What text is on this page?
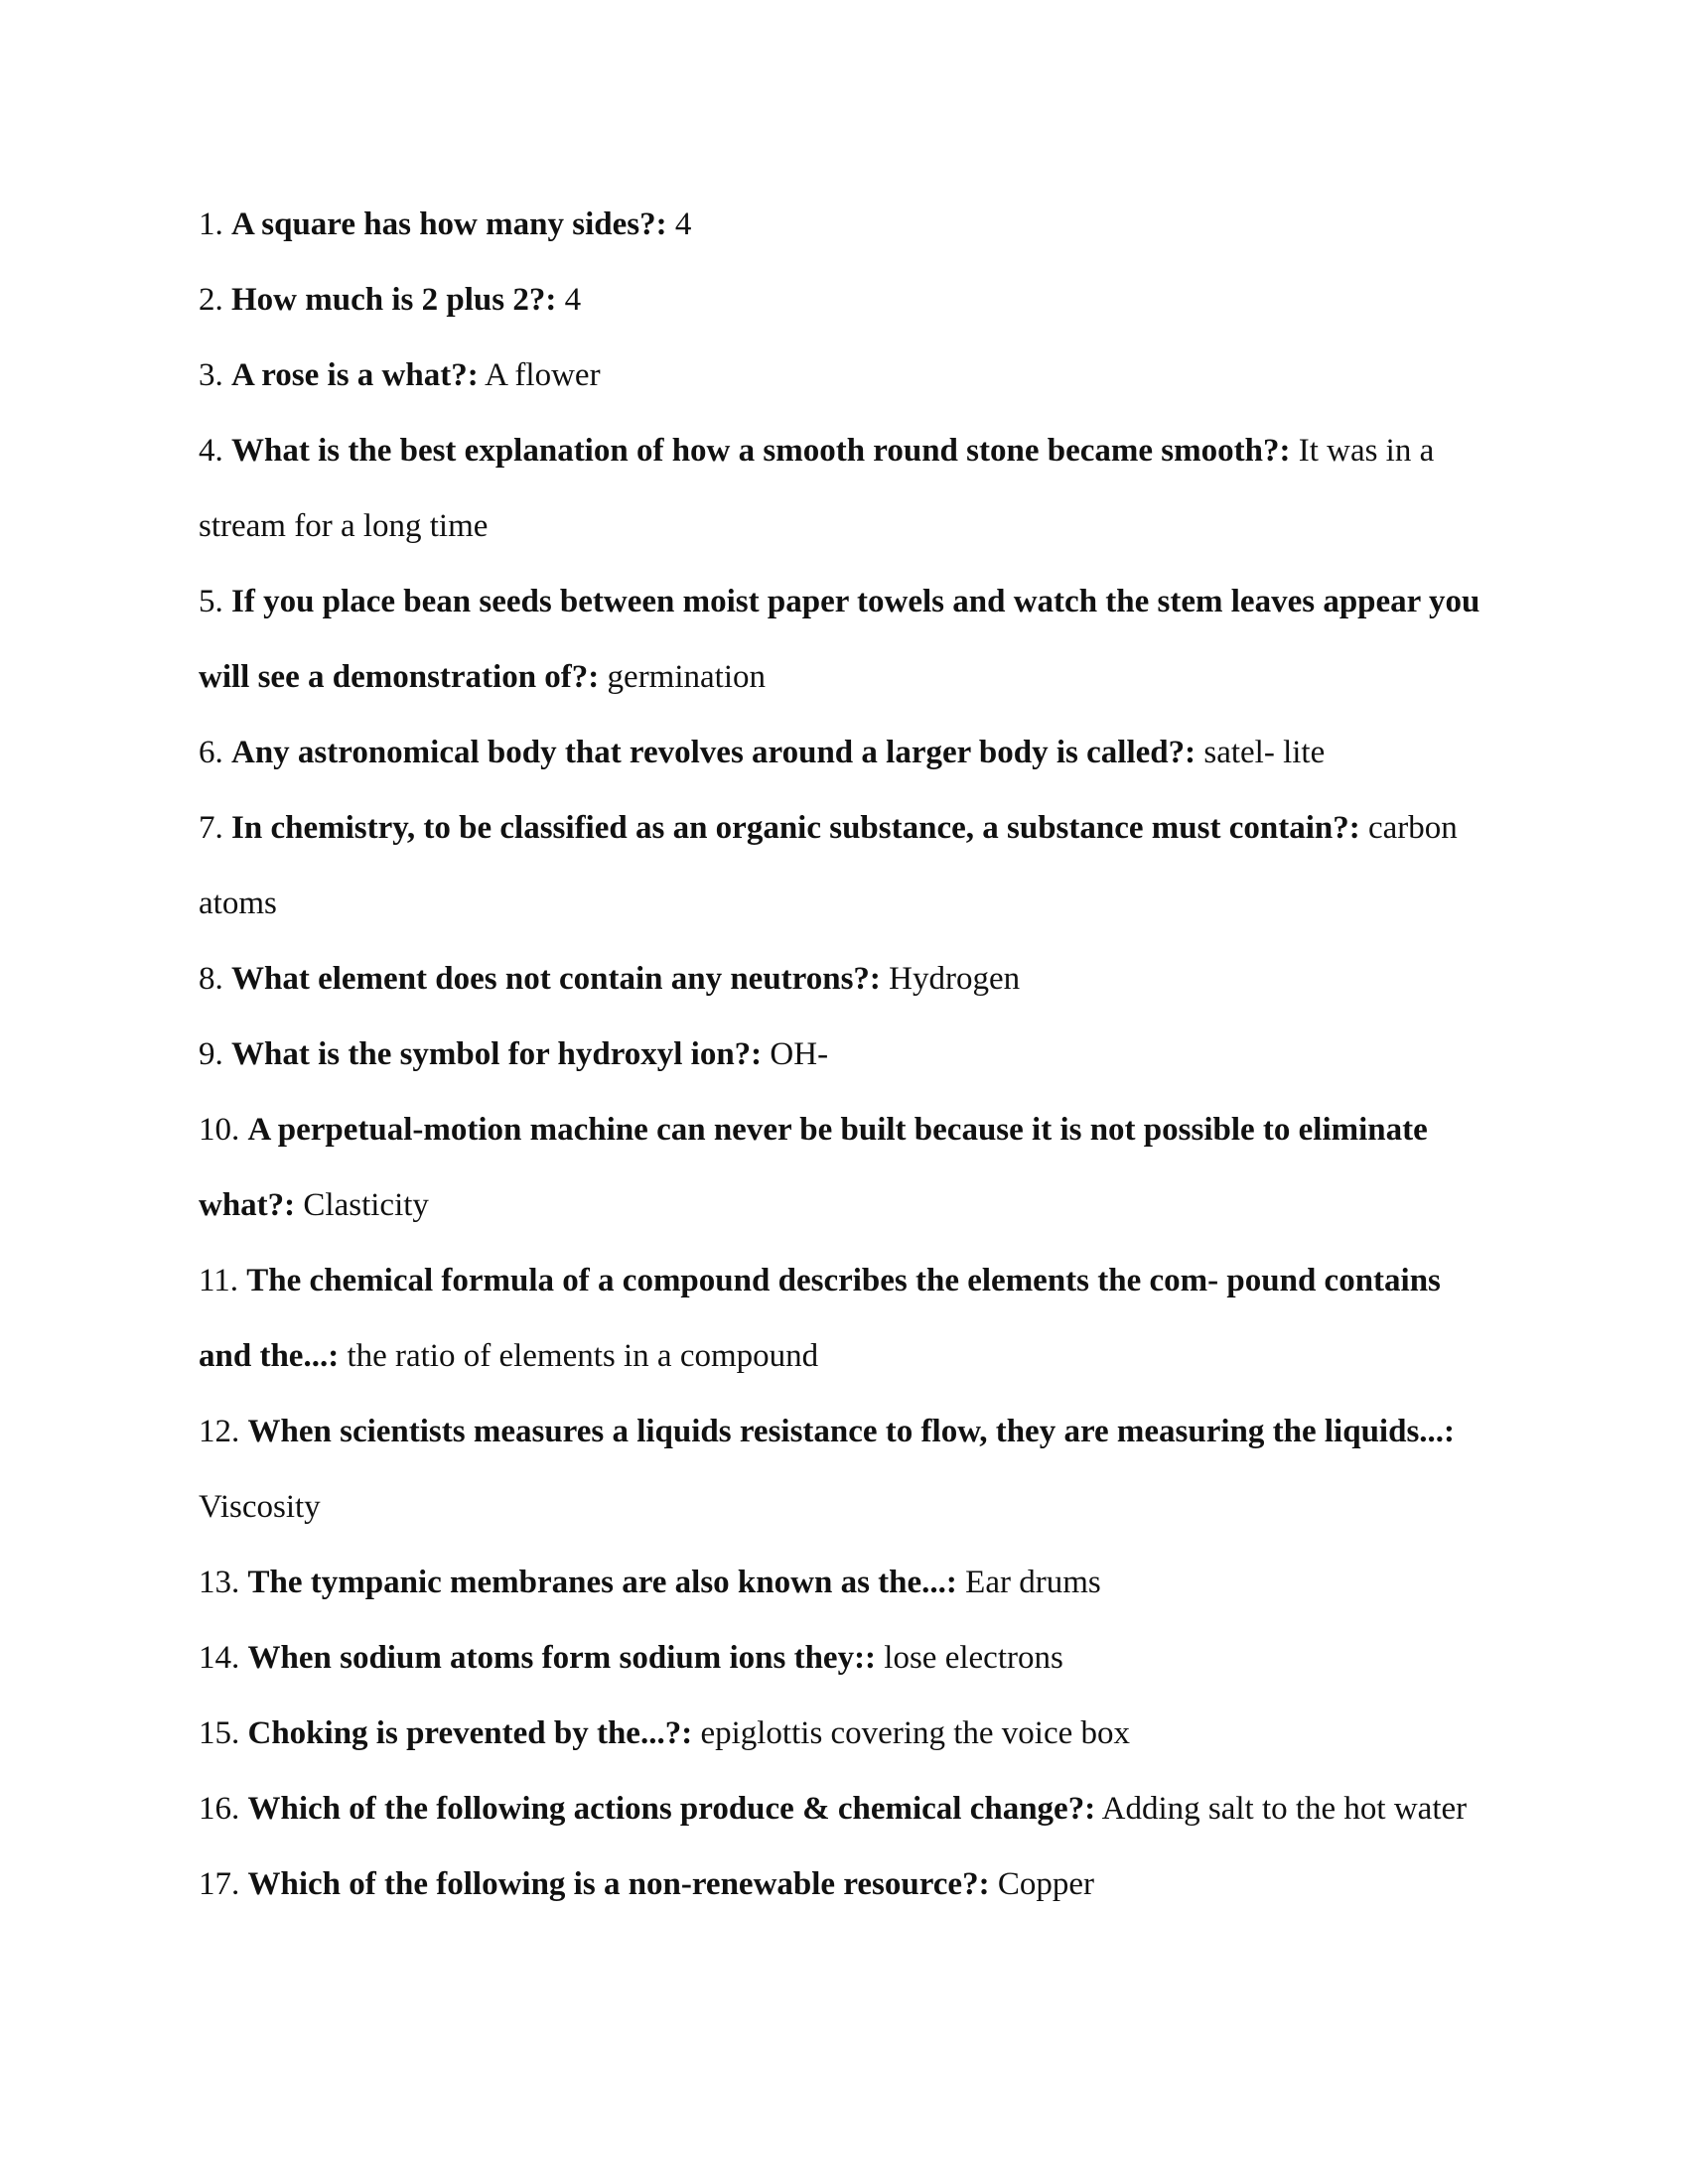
1. A square has how many sides?: 4

2. How much is 2 plus 2?: 4

3. A rose is a what?: A flower

4. What is the best explanation of how a smooth round stone became smooth?: It was in a stream for a long time

5. If you place bean seeds between moist paper towels and watch the stem leaves appear you will see a demonstration of?: germination

6. Any astronomical body that revolves around a larger body is called?: satel- lite

7. In chemistry, to be classified as an organic substance, a substance must contain?: carbon atoms

8. What element does not contain any neutrons?: Hydrogen

9. What is the symbol for hydroxyl ion?: OH-

10. A perpetual-motion machine can never be built because it is not possible to eliminate what?: Clasticity

11. The chemical formula of a compound describes the elements the com- pound contains and the...: the ratio of elements in a compound

12. When scientists measures a liquids resistance to flow, they are measuring the liquids...: Viscosity

13. The tympanic membranes are also known as the...: Ear drums

14. When sodium atoms form sodium ions they:: lose electrons

15. Choking is prevented by the...?: epiglottis covering the voice box

16. Which of the following actions produce & chemical change?: Adding salt to the hot water

17. Which of the following is a non-renewable resource?: Copper
